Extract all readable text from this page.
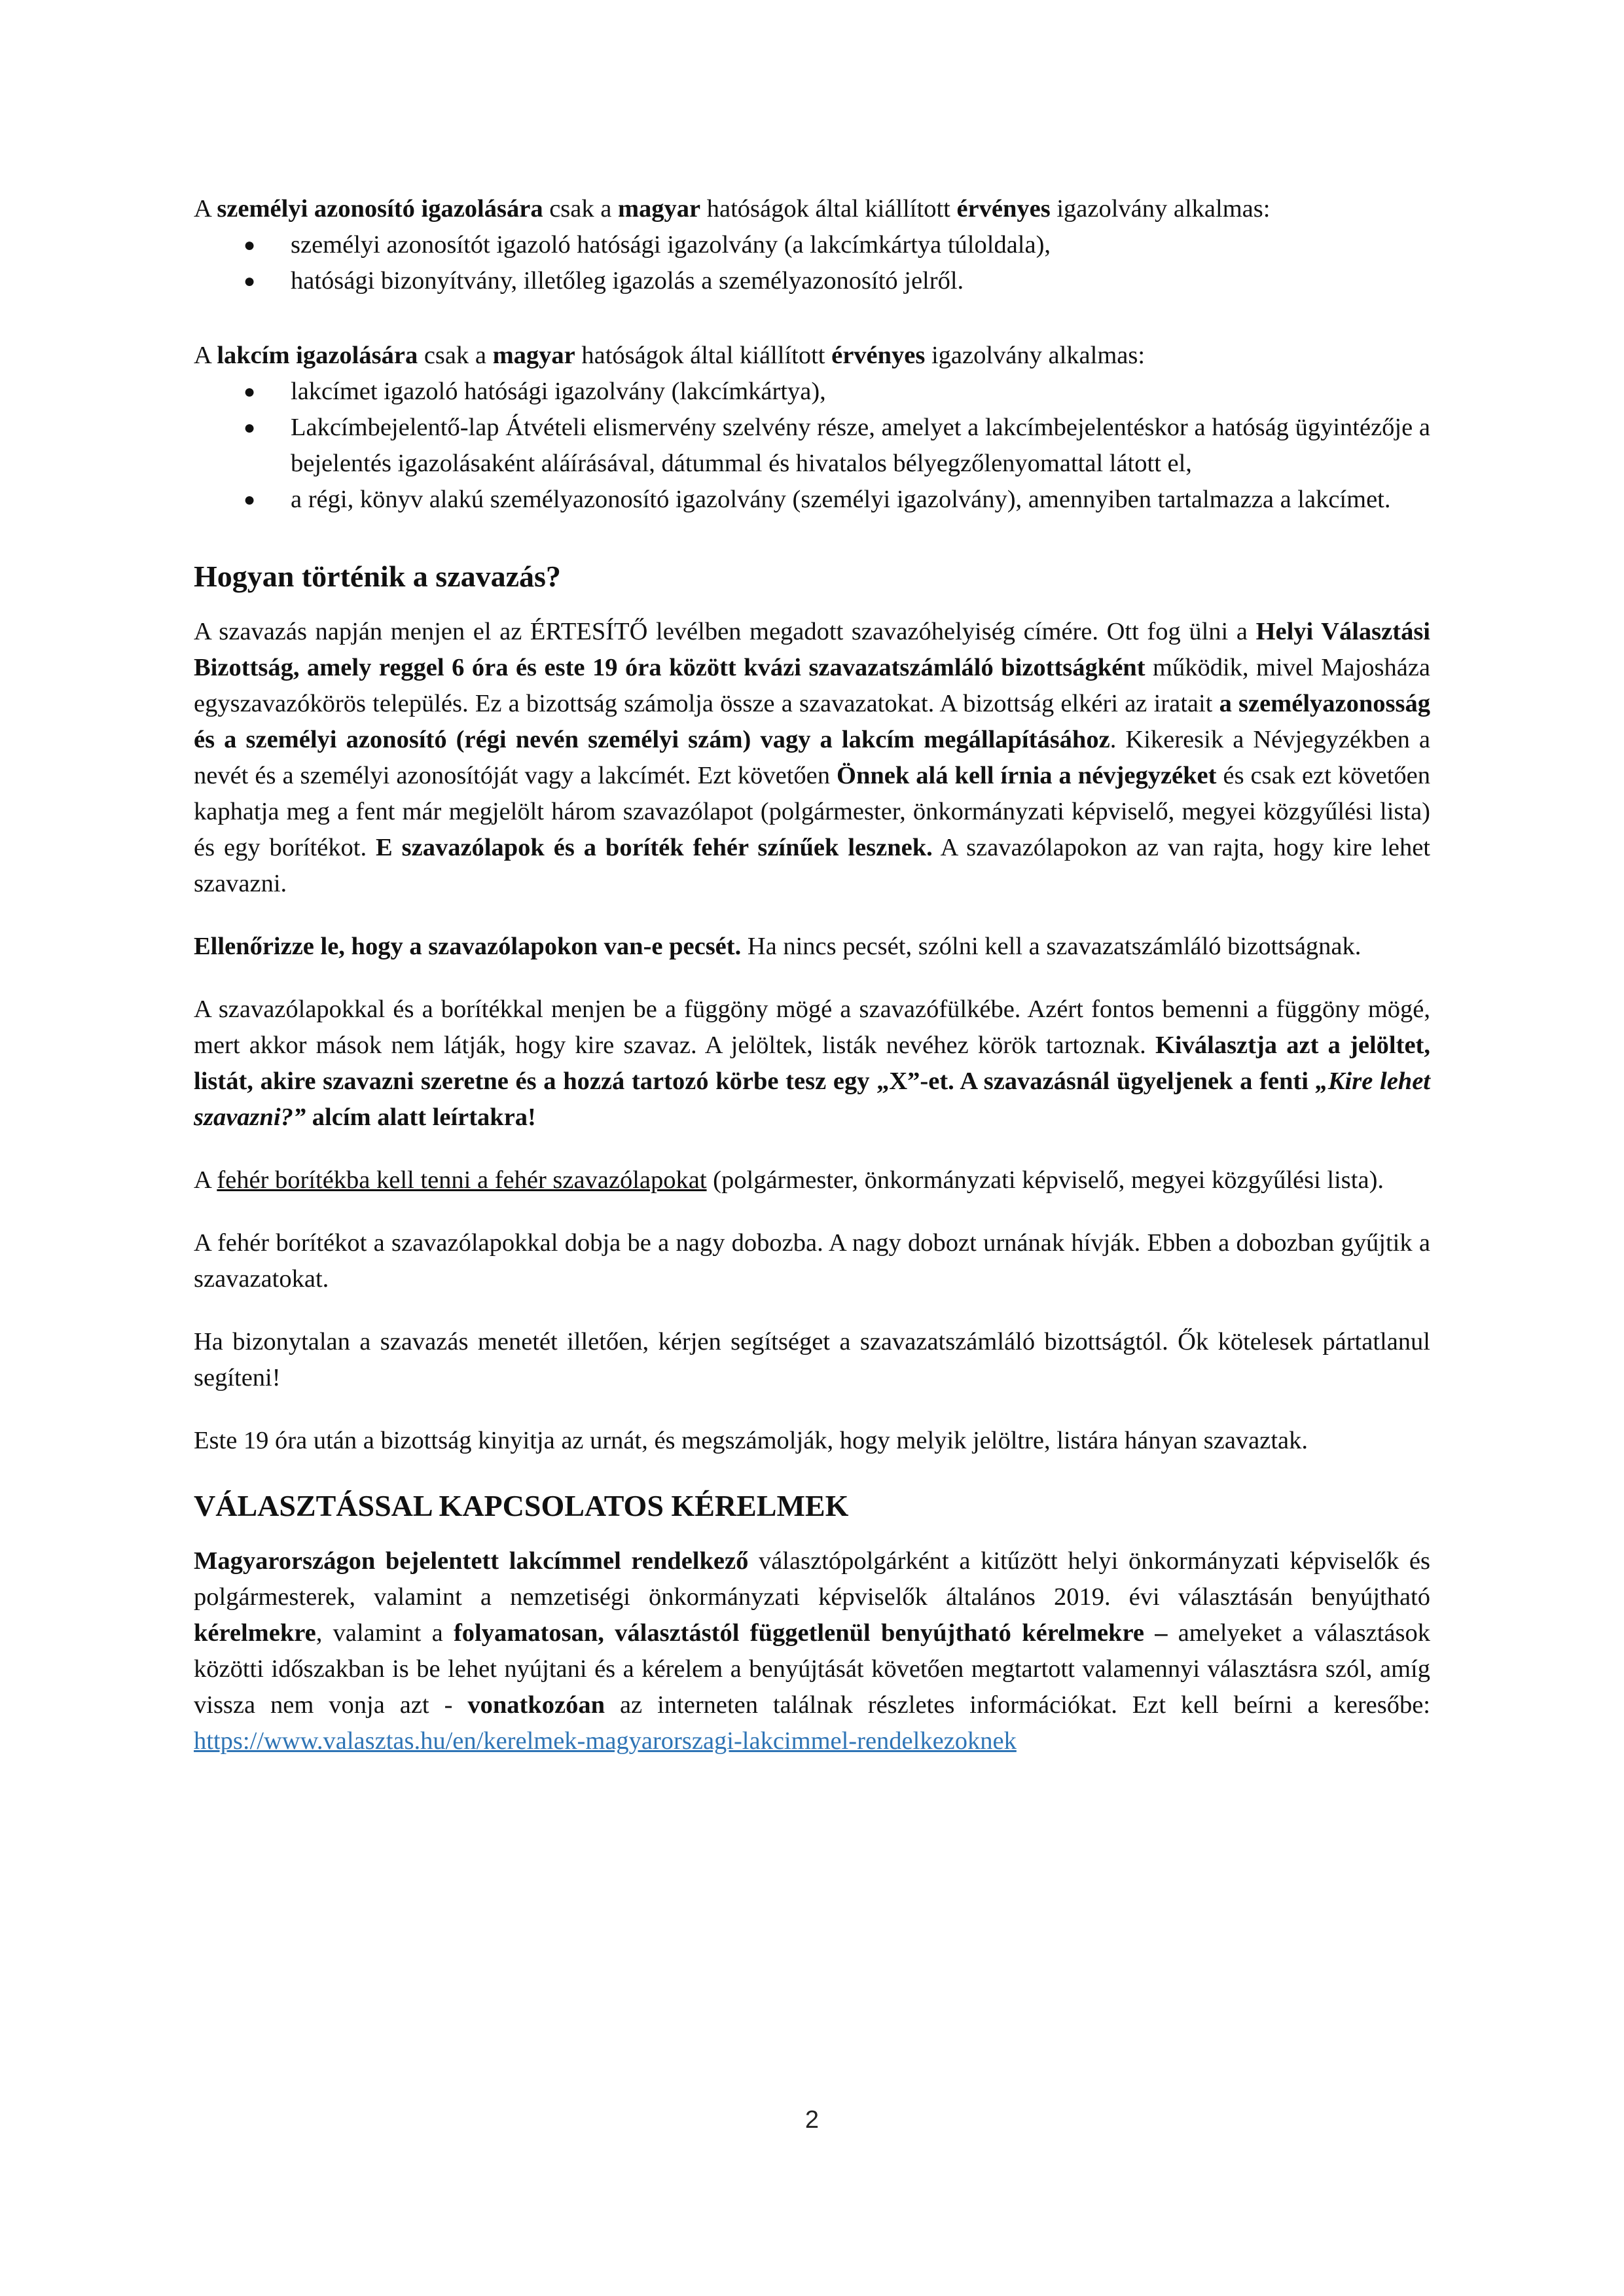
A személyi azonosító igazolására csak a magyar hatóságok által kiállított érvényes igazolvány alkalmas:

● személyi azonosítót igazoló hatósági igazolvány (a lakcímkártya túloldala),
● hatósági bizonyítvány, illetőleg igazolás a személyazonosító jelről.

A lakcím igazolására csak a magyar hatóságok által kiállított érvényes igazolvány alkalmas:

● lakcímet igazoló hatósági igazolvány (lakcímkártya),
● Lakcímbejelentő-lap Átvételi elismervény szelvény része, amelyet a lakcímbejelentéskor a hatóság ügyintézője a bejelentés igazolásaként aláírásával, dátummal és hivatalos bélyegzőlenyomattal látott el,
● a régi, könyv alakú személyazonosító igazolvány (személyi igazolvány), amennyiben tartalmazza a lakcímet.
Hogyan történik a szavazás?

A szavazás napján menjen el az ÉRTESÍTŐ levélben megadott szavazóhelyiség címére. Ott fog ülni a Helyi Választási Bizottság, amely reggel 6 óra és este 19 óra között kvázi szavazatszámláló bizottságként működik, mivel Majosháza egyszavazókörös település. Ez a bizottság számolja össze a szavazatokat. A bizottság elkéri az iratait a személyazonosság és a személyi azonosító (régi nevén személyi szám) vagy a lakcím megállapításához. Kikeresik a Névjegyzékben a nevét és a személyi azonosítóját vagy a lakcímét. Ezt követően Önnek alá kell írnia a névjegyzéket és csak ezt követően kaphatja meg a fent már megjelölt három szavazólapot (polgármester, önkormányzati képviselő, megyei közgyűlési lista) és egy borítékot. E szavazólapok és a boríték fehér színűek lesznek. A szavazólapokon az van rajta, hogy kire lehet szavazni.

Ellenőrizze le, hogy a szavazólapokon van-e pecsét. Ha nincs pecsét, szólni kell a szavazatszámláló bizottságnak.

A szavazólapokkal és a borítékkal menjen be a függöny mögé a szavazófülkébe. Azért fontos bemenni a függöny mögé, mert akkor mások nem látják, hogy kire szavaz. A jelöltek, listák nevéhez körök tartoznak. Kiválasztja azt a jelöltet, listát, akire szavazni szeretne és a hozzá tartozó körbe tesz egy „X”-et. A szavazásnál ügyeljenek a fenti „Kire lehet szavazni?” alcím alatt leírtakra!

A fehér borítékba kell tenni a fehér szavazólapokat (polgármester, önkormányzati képviselő, megyei közgyűlési lista).

A fehér borítékot a szavazólapokkal dobja be a nagy dobozba. A nagy dobozt urnának hívják. Ebben a dobozban gyűjtik a szavazatokat.

Ha bizonytalan a szavazás menetét illetően, kérjen segítséget a szavazatszámláló bizottságtól. Ők kötelesek pártatlanul segíteni!

Este 19 óra után a bizottság kinyitja az urnát, és megszámolják, hogy melyik jelöltre, listára hányan szavaztak.

VÁLASZTÁSSAL KAPCSOLATOS KÉRELMEK

Magyarországon bejelentett lakcímmel rendelkező választópolgárként a kitűzött helyi önkormányzati képviselők és polgármesterek, valamint a nemzetiségi önkormányzati képviselők általános 2019. évi választásán benyújtható kérelmekre, valamint a folyamatosan, választástól függetlenül benyújtható kérelmekre – amelyeket a választások közötti időszakban is be lehet nyújtani és a kérelem a benyújtását követően megtartott valamennyi választásra szól, amíg vissza nem vonja azt - vonatkozóan az interneten találnak részletes információkat. Ezt kell beírni a keresőbe: https://www.valasztas.hu/en/kerelmek-magyarorszagi-lakcimmel-rendelkezoknek

2
